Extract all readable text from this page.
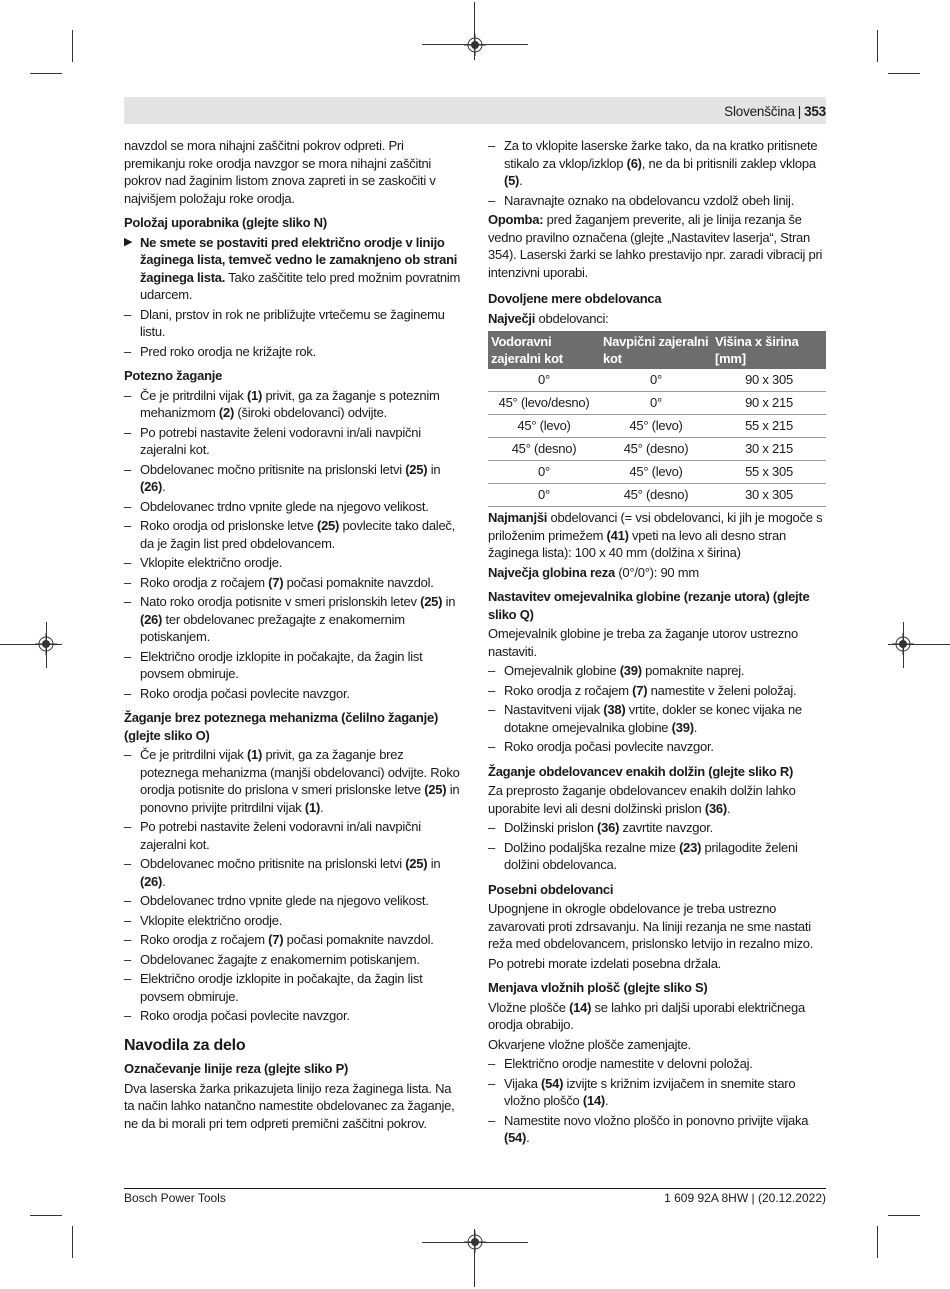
Slovenščina | 353

navzdol se mora nihajni zaščitni pokrov odpreti. Pri premikanju roke orodja navzgor se mora nihajni zaščitni pokrov nad žaginim listom znova zapreti in se zaskočiti v najvišjem položaju roke orodja.

Položaj uporabnika (glejte sliko N)

▶ Ne smete se postaviti pred električno orodje v linijo žaginega lista, temveč vedno le zamaknjeno ob strani žaginega lista. Tako zaščitite telo pred možnim povratnim udarcem.
– Dlani, prstov in rok ne približujte vrtečemu se žaginemu listu.
– Pred roko orodja ne križajte rok.

Potezno žaganje

– Če je pritrdilni vijak (1) privit, ga za žaganje s poteznim mehanizmom (2) (široki obdelovanci) odvijte.
– Po potrebi nastavite želeni vodoravni in/ali navpični zajeralni kot.
– Obdelovanec močno pritisnite na prislonski letvi (25) in (26).
– Obdelovanec trdno vpnite glede na njegovo velikost.
– Roko orodja od prislonske letve (25) povlecite tako daleč, da je žagin list pred obdelovancem.
– Vklopite električno orodje.
– Roko orodja z ročajem (7) počasi pomaknite navzdol.
– Nato roko orodja potisnite v smeri prislonskih letev (25) in (26) ter obdelovanec prežagajte z enakomernim potiskanjem.
– Električno orodje izklopite in počakajte, da žagin list povsem obmiruje.
– Roko orodja počasi povlecite navzgor.

Žaganje brez poteznega mehanizma (čelilno žaganje) (glejte sliko O)

– Če je pritrdilni vijak (1) privit, ga za žaganje brez poteznega mehanizma (manjši obdelovanci) odvijte. Roko orodja potisnite do prislona v smeri prislonske letve (25) in ponovno privijte pritrdilni vijak (1).
– Po potrebi nastavite želeni vodoravni in/ali navpični zajeralni kot.
– Obdelovanec močno pritisnite na prislonski letvi (25) in (26).
– Obdelovanec trdno vpnite glede na njegovo velikost.
– Vklopite električno orodje.
– Roko orodja z ročajem (7) počasi pomaknite navzdol.
– Obdelovanec žagajte z enakomernim potiskanjem.
– Električno orodje izklopite in počakajte, da žagin list povsem obmiruje.
– Roko orodja počasi povlecite navzgor.

Navodila za delo

Označevanje linije reza (glejte sliko P)

Dva laserska žarka prikazujeta linijo reza žaginega lista. Na ta način lahko natančno namestite obdelovanec za žaganje, ne da bi morali pri tem odpreti premični zaščitni pokrov.

– Za to vklopite laserske žarke tako, da na kratko pritisnete stikalo za vklop/izklop (6), ne da bi pritisnili zaklep vklopa (5).
– Naravnajte oznako na obdelovancu vzdolž obeh linij.

Opomba: pred žaganjem preverite, ali je linija rezanja še vedno pravilno označena (glejte „Nastavitev laserja“, Stran 354). Laserski žarki se lahko prestavijo npr. zaradi vibracij pri intenzivni uporabi.

Dovoljene mere obdelovanca

Največji obdelovanci:

Vodoravni zajeralni kot	Navpični zajeralni kot	Višina x širina [mm]
0°	0°	90 x 305
45° (levo/desno)	0°	90 x 215
45° (levo)	45° (levo)	55 x 215
45° (desno)	45° (desno)	30 x 215
0°	45° (levo)	55 x 305
0°	45° (desno)	30 x 305

Najmanjši obdelovanci (= vsi obdelovanci, ki jih je mogoče s priloženim primežem (41) vpeti na levo ali desno stran žaginega lista): 100 x 40 mm (dolžina x širina)

Največja globina reza (0°/0°): 90 mm

Nastavitev omejevalnika globine (rezanje utora) (glejte sliko Q)

Omejevalnik globine je treba za žaganje utorov ustrezno nastaviti.

– Omejevalnik globine (39) pomaknite naprej.
– Roko orodja z ročajem (7) namestite v želeni položaj.
– Nastavitveni vijak (38) vrtite, dokler se konec vijaka ne dotakne omejevalnika globine (39).
– Roko orodja počasi povlecite navzgor.

Žaganje obdelovancev enakih dolžin (glejte sliko R)

Za preprosto žaganje obdelovancev enakih dolžin lahko uporabite levi ali desni dolžinski prislon (36).

– Dolžinski prislon (36) zavrtite navzgor.
– Dolžino podaljška rezalne mize (23) prilagodite želeni dolžini obdelovanca.

Posebni obdelovanci

Upognjene in okrogle obdelovance je treba ustrezno zavarovati proti zdrsavanju. Na liniji rezanja ne sme nastati reža med obdelovancem, prislonsko letvijo in rezalno mizo.

Po potrebi morate izdelati posebna držala.

Menjava vložnih plošč (glejte sliko S)

Vložne plošče (14) se lahko pri daljši uporabi električnega orodja obrabijo.

Okvarjene vložne plošče zamenjajte.

– Električno orodje namestite v delovni položaj.
– Vijaka (54) izvijte s križnim izvijačem in snemite staro vložno ploščo (14).
– Namestite novo vložno ploščo in ponovno privijte vijaka (54).
Bosch Power Tools	1 609 92A 8HW | (20.12.2022)
